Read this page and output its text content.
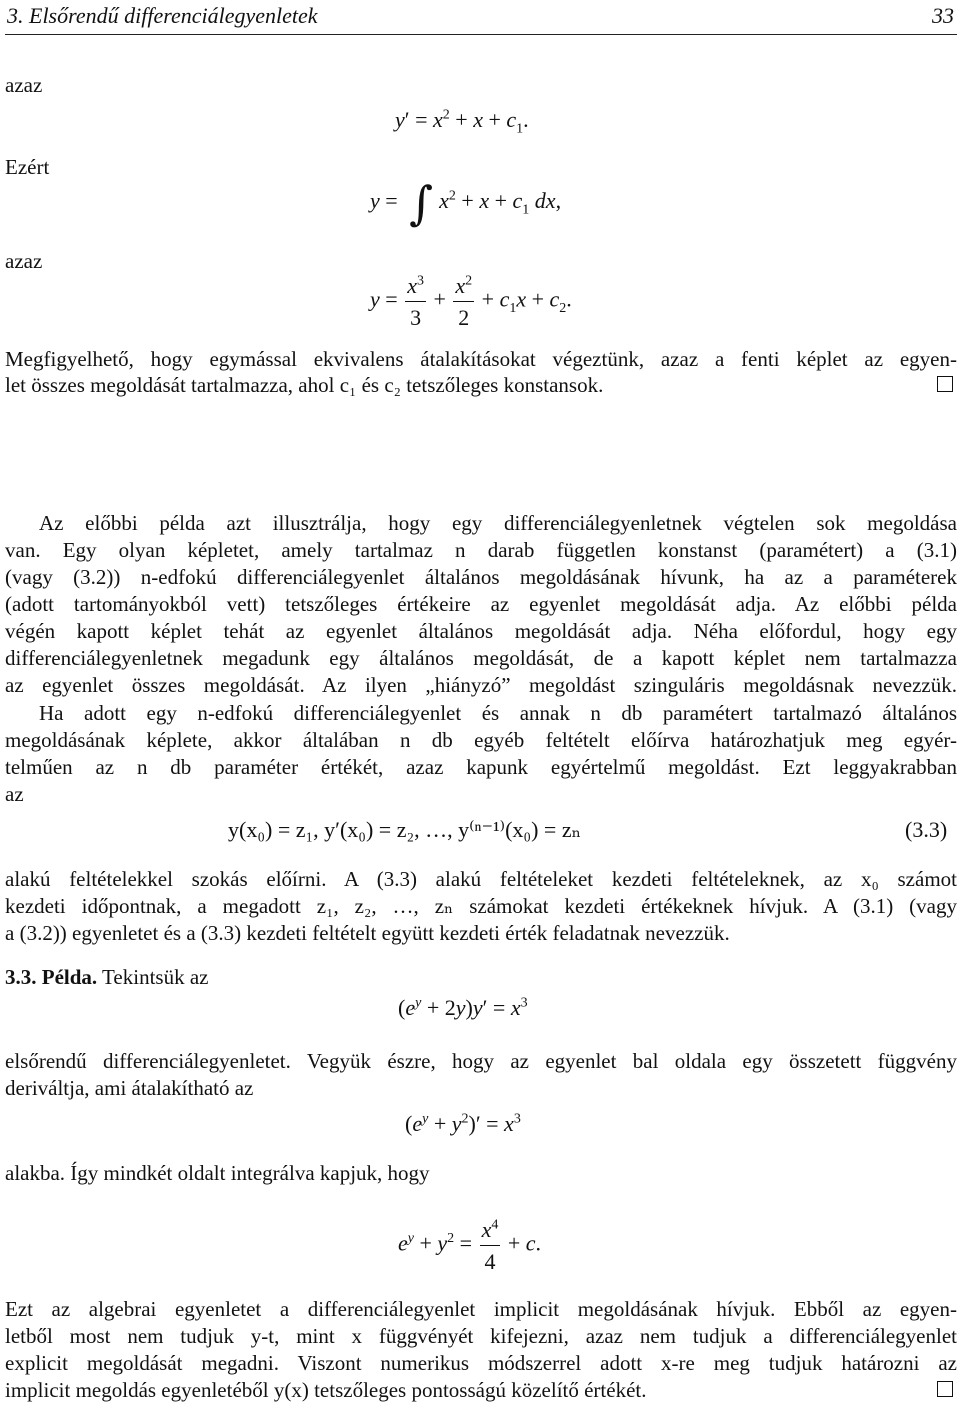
3. Elsőrendű differenciálegyenletek	33
azaz
$y' = x^2 + x + c_1$.
Ezért
y = ∫ $x^2 + x + c_1$ dx,
azaz
$y = \frac{x^3}{3} + \frac{x^2}{2} + c_1x + c_2$.
Megfigyelhető, hogy egymással ekvivalens átalakításokat végeztünk, azaz a fenti képlet az egyen-
let összes megoldását tartalmazza, ahol c₁ és c₂ tetszőleges konstansok.
Az előbbi példa azt illusztrálja, hogy egy differenciálegyenletnek végtelen sok megoldása
van. Egy olyan képletet, amely tartalmaz n darab független konstanst (paramétert) a (3.1)
(vagy (3.2)) n-edfokú differenciálegyenlet általános megoldásának hívunk, ha az a paraméterek
(adott tartományokból vett) tetszőleges értékeire az egyenlet megoldását adja. Az előbbi példa
végén kapott képlet tehát az egyenlet általános megoldását adja. Néha előfordul, hogy egy
differenciálegyenletnek megadunk egy általános megoldását, de a kapott képlet nem tartalmazza
az egyenlet összes megoldását. Az ilyen „hiányzó” megoldást szinguláris megoldásnak nevezzük.
Ha adott egy n-edfokú differenciálegyenlet és annak n db paramétert tartalmazó általános
megoldásának képlete, akkor általában n db egyéb feltételt előírva határozhatjuk meg egyér-
telműen az n db paraméter értékét, azaz kapunk egyértelmű megoldást. Ezt leggyakrabban
az
y(x₀) = z₁, y′(x₀) = z₂, …, y⁽ⁿ⁻¹⁾(x₀) = zₙ	(3.3)
alakú feltételekkel szokás előírni. A (3.3) alakú feltételeket kezdeti feltételeknek, az x₀ számot
kezdeti időpontnak, a megadott z₁, z₂, …, zₙ számokat kezdeti értékeknek hívjuk. A (3.1) (vagy
a (3.2)) egyenletet és a (3.3) kezdeti feltételt együtt kezdeti érték feladatnak nevezzük.
3.3. Példa. Tekintsük az
$(e^y + 2y)y' = x^3$
elsőrendű differenciálegyenletet. Vegyük észre, hogy az egyenlet bal oldala egy összetett függvény
deriváltja, ami átalakítható az
$(e^y + y^2)' = x^3$
alakba. Így mindkét oldalt integrálva kapjuk, hogy
$e^y + y^2 = \frac{x^4}{4} + c$.
Ezt az algebrai egyenletet a differenciálegyenlet implicit megoldásának hívjuk. Ebből az egyen-
letből most nem tudjuk y-t, mint x függvényét kifejezni, azaz nem tudjuk a differenciálegyenlet
explicit megoldását megadni. Viszont numerikus módszerrel adott x-re meg tudjuk határozni az
implicit megoldás egyenletéből y(x) tetszőleges pontosságú közelítő értékét.
